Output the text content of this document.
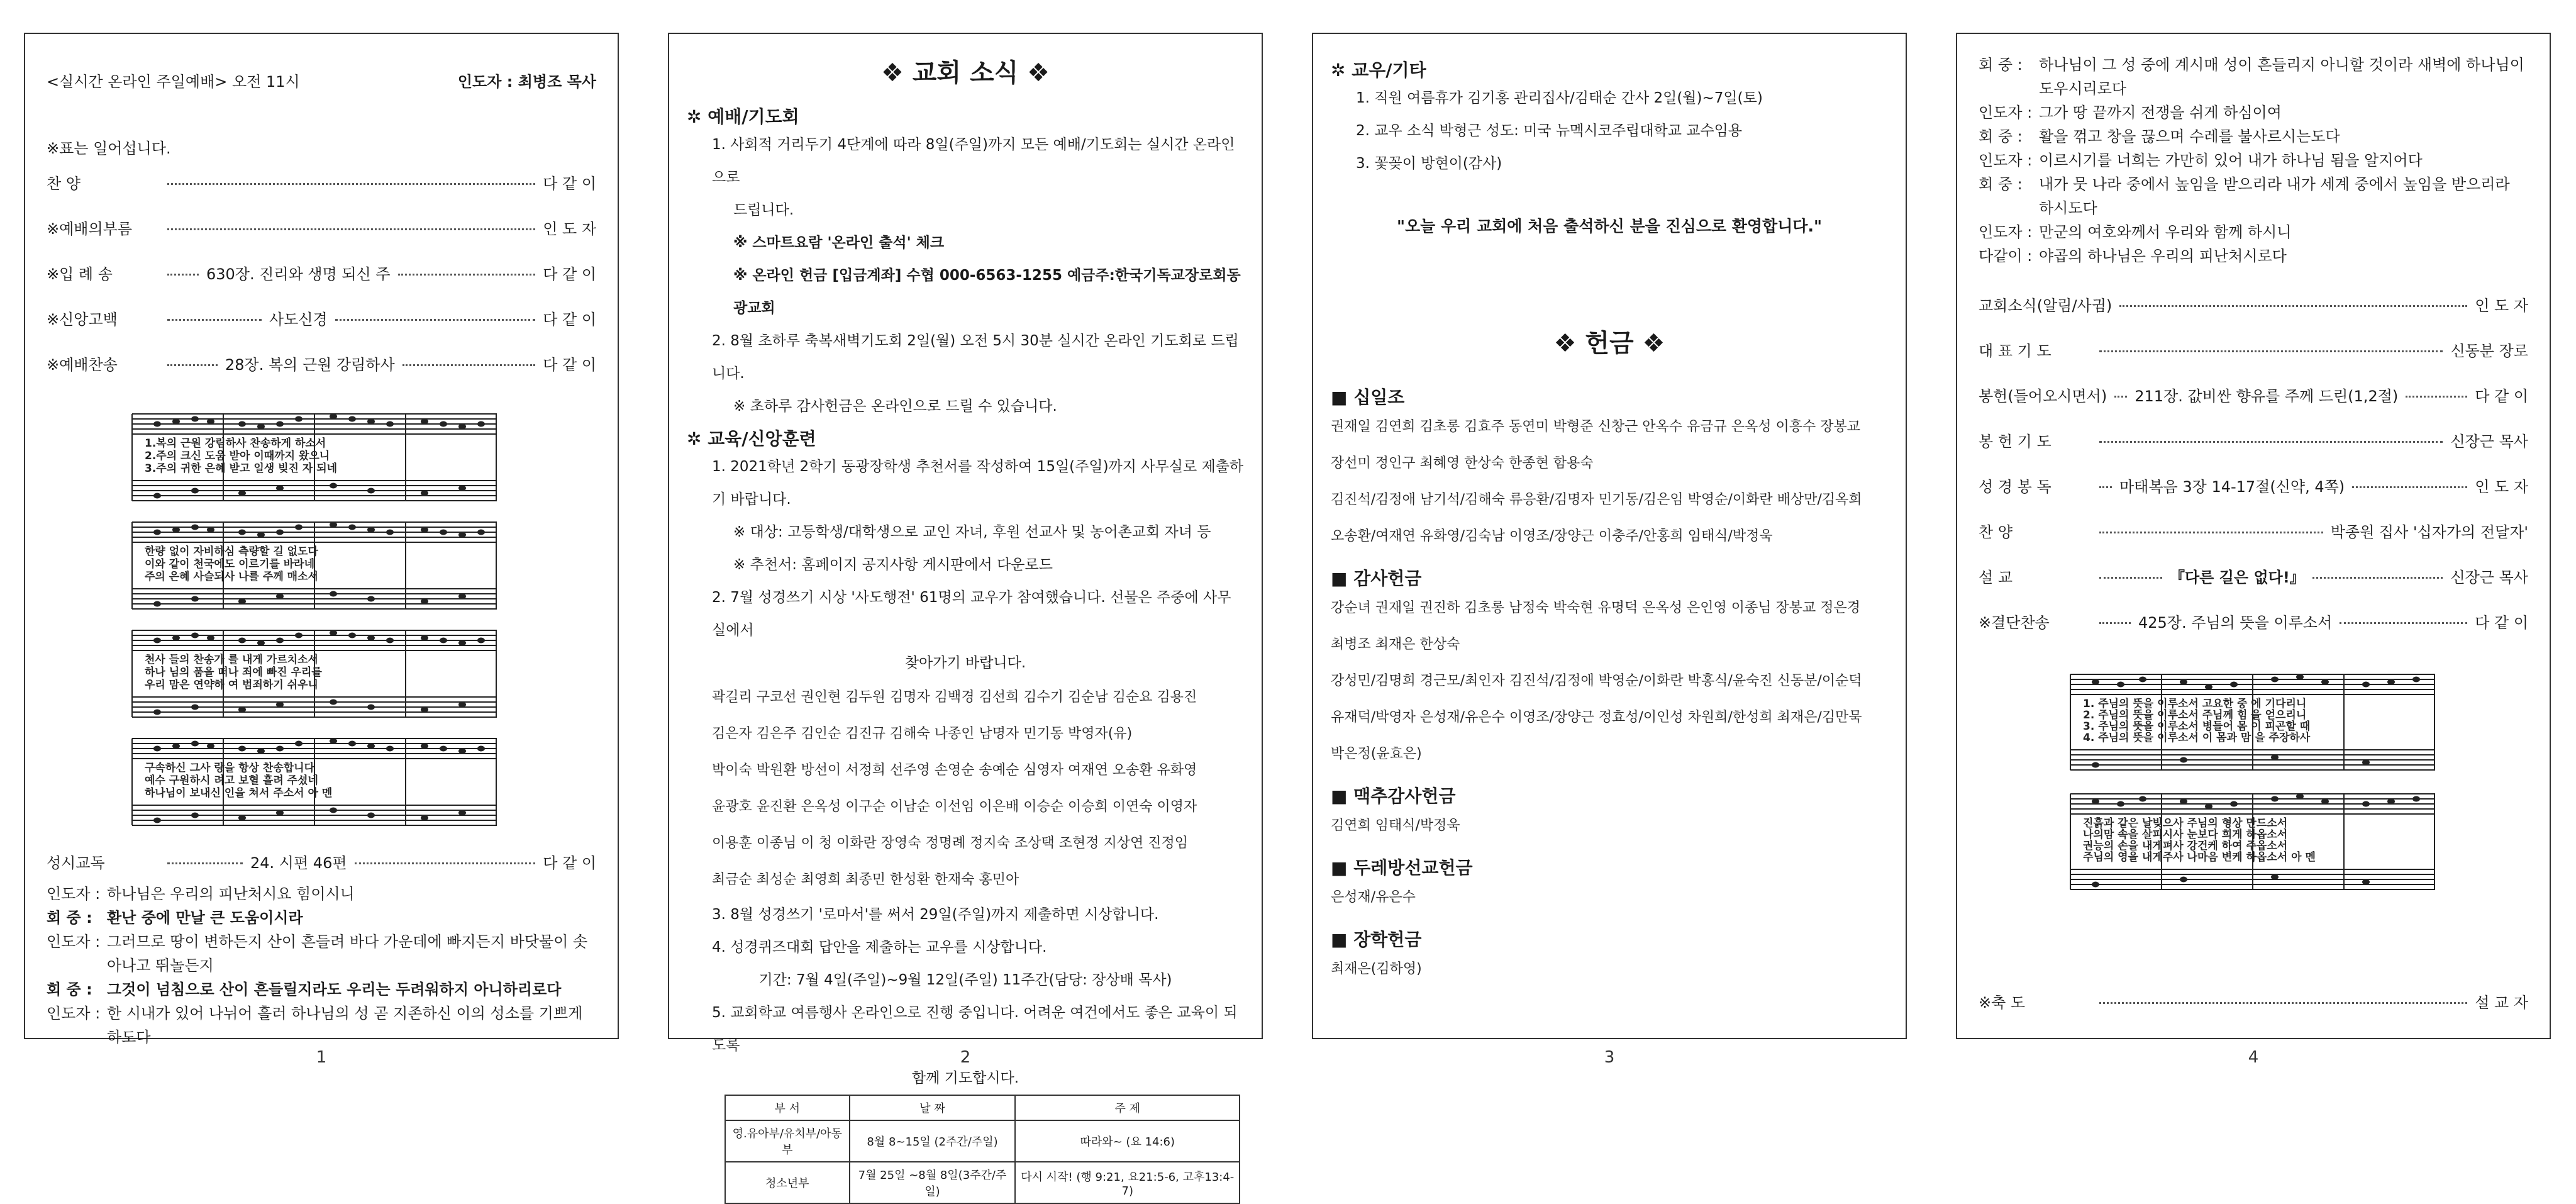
<실시간 온라인 주일예배> 오전 11시	인도자 : 최병조 목사
※표는 일어섭니다.
찬 양	다 같 이
※예배의부름	인 도 자
※입 례 송	630장. 진리와 생명 되신 주	다 같 이
※신앙고백	사도신경	다 같 이
※예배찬송	28장. 복의 근원 강림하사	다 같 이
1.복의 근원 강림하사 찬송하게 하소서
2.주의 크신 도움 받아 이때까지 왔으니
3.주의 귀한 은혜 받고 일생 빚진 자 되네
한량 없이 자비하심 측량할 길 없도다
이와 같이 천국에도 이르기를 바라네
주의 은혜 사슬되사 나를 주께 매소서
천사 들의 찬송가 를 내게 가르치소서
하나 님의 품을 떠나 죄에 빠진 우리를
우리 맘은 연약하 여 범죄하기 쉬우니
구속하신 그사 랑을 항상 찬송합니다
예수 구원하시 려고 보혈 흘려 주셨네
하나님이 보내신 인을 쳐서 주소서 아 멘
성시교독	24. 시편 46편	다 같 이
인도자 : 하나님은 우리의 피난처시요 힘이시니
회 중 : 환난 중에 만날 큰 도움이시라
인도자 : 그러므로 땅이 변하든지 산이 흔들려 바다 가운데에 빠지든지 바닷물이 솟아나고 뛰놀든지
회 중 : 그것이 넘침으로 산이 흔들릴지라도 우리는 두려워하지 아니하리로다
인도자 : 한 시내가 있어 나뉘어 흘러 하나님의 성 곧 지존하신 이의 성소를 기쁘게 하도다
1
❖ 교회 소식 ❖
✲ 예배/기도회
1. 사회적 거리두기 4단계에 따라 8일(주일)까지 모든 예배/기도회는 실시간 온라인으로
드립니다.
※ 스마트요람 '온라인 출석' 체크
※ 온라인 헌금 [입금계좌] 수협 000-6563-1255 예금주:한국기독교장로회동광교회
2. 8월 초하루 축복새벽기도회 2일(월) 오전 5시 30분 실시간 온라인 기도회로 드립니다.
※ 초하루 감사헌금은 온라인으로 드릴 수 있습니다.
✲ 교육/신앙훈련
1. 2021학년 2학기 동광장학생 추천서를 작성하여 15일(주일)까지 사무실로 제출하기 바랍니다.
※ 대상: 고등학생/대학생으로 교인 자녀, 후원 선교사 및 농어촌교회 자녀 등
※ 추천서: 홈페이지 공지사항 게시판에서 다운로드
2. 7월 성경쓰기 시상 '사도행전' 61명의 교우가 참여했습니다. 선물은 주중에 사무실에서
찾아가기 바랍니다.
곽길리 구코선 권인현 김두원 김명자 김백경 김선희 김수기 김순남 김순요 김용진
김은자 김은주 김인순 김진규 김해숙 나종인 남명자 민기동 박영자(유)
박이숙 박원환 방선이 서정희 선주영 손영순 송예순 심영자 여재연 오송환 유화영
윤광호 윤진환 은옥성 이구순 이남순 이선임 이은배 이승순 이승희 이연숙 이영자
이용훈 이종님 이 청 이화란 장영숙 정명례 정지숙 조상택 조현정 지상연 진정임
최금순 최성순 최영희 최종민 한성환 한재숙 홍민아
3. 8월 성경쓰기 '로마서'를 써서 29일(주일)까지 제출하면 시상합니다.
4. 성경퀴즈대회 답안을 제출하는 교우를 시상합니다.
기간: 7월 4일(주일)~9월 12일(주일) 11주간(담당: 장상배 목사)
5. 교회학교 여름행사 온라인으로 진행 중입니다. 어려운 여건에서도 좋은 교육이 되도록
함께 기도합시다.
부 서	날 짜	주 제
영.유아부/유치부/아동부	8월 8~15일 (2주간/주일)	따라와~ (요 14:6)
청소년부	7월 25일 ~8월 8일(3주간/주일)	다시 시작! (행 9:21, 요21:5-6, 고후13:4-7)
2
✲ 교우/기타
1. 직원 여름휴가 김기홍 관리집사/김태순 간사 2일(월)~7일(토)
2. 교우 소식 박형근 성도: 미국 뉴멕시코주립대학교 교수임용
3. 꽃꽂이 방현이(감사)
"오늘 우리 교회에 처음 출석하신 분을 진심으로 환영합니다."
❖ 헌금 ❖
■ 십일조
권재일 김연희 김초롱 김효주 동연미 박형준 신창근 안옥수 유금규 은옥성 이흥수 장봉교
장선미 정인구 최혜영 한상숙 한종현 함용숙
김진석/김정애 남기석/김해숙 류응환/김명자 민기동/김은임 박영순/이화란 배상만/김옥희
오송환/여재연 유화영/김숙남 이영조/장양근 이충주/안홍희 임태식/박정욱
■ 감사헌금
강순녀 권재일 권진하 김초롱 남정숙 박숙현 유명덕 은옥성 은인영 이종님 장봉교 정은경
최병조 최재은 한상숙
강성민/김명희 경근모/최인자 김진석/김정애 박영순/이화란 박홍식/윤숙진 신동분/이순덕
유재덕/박영자 은성재/유은수 이영조/장양근 정효성/이인성 차원희/한성희 최재은/김만묵
박은정(윤효은)
■ 맥추감사헌금
김연희 임태식/박정욱
■ 두레방선교헌금
은성재/유은수
■ 장학헌금
최재은(김하영)
3
회 중 :	하나님이 그 성 중에 계시매 성이 흔들리지 아니할 것이라 새벽에 하나님이 도우시리로다
인도자 : 그가 땅 끝까지 전쟁을 쉬게 하심이여
회 중 :	활을 꺾고 창을 끊으며 수레를 불사르시는도다
인도자 : 이르시기를 너희는 가만히 있어 내가 하나님 됨을 알지어다
회 중 :	내가 뭇 나라 중에서 높임을 받으리라 내가 세계 중에서 높임을 받으리라 하시도다
인도자 : 만군의 여호와께서 우리와 함께 하시니
다같이 : 야곱의 하나님은 우리의 피난처시로다
교회소식(알림/사귐)	인 도 자
대 표 기 도	신동분 장로
봉헌(들어오시면서) 211장. 값비싼 향유를 주께 드린(1,2절)	다 같 이
봉 헌 기 도	신장근 목사
성 경 봉 독	마태복음 3장 14-17절(신약, 4쪽)	인 도 자
찬 양	박종원 집사 '십자가의 전달자'
설 교	『다른 길은 없다!』	신장근 목사
※결단찬송	425장. 주님의 뜻을 이루소서	다 같 이
1. 주님의 뜻을 이루소서 고요한 중 에 기다리니
2. 주님의 뜻을 이루소서 주님께 힘 을 얻으리니
3. 주님의 뜻을 이루소서 병들어 몸 이 피곤할 때
4. 주님의 뜻을 이루소서 이 몸과 맘 을 주장하사
진흙과 같은 날빚으사 주님의 형상 만드소서
나의맘 속을 살피시사 눈보다 희게 하옵소서
권능의 손을 내게펴사 강건케 하여 주옵소서
주님의 영을 내게주사 나마음 변케 하옵소서 아 멘
※축 도	설 교 자
4
